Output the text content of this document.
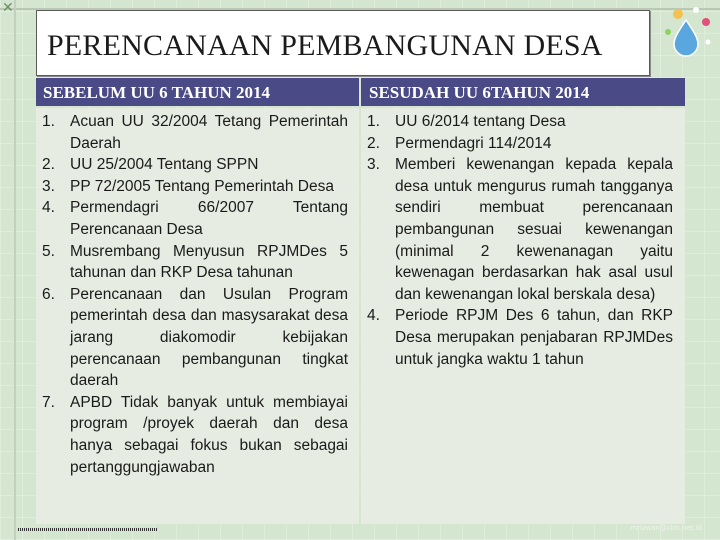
✕
PERENCANAAN PEMBANGUNAN DESA
SEBELUM UU 6 TAHUN 2014	SESUDAH UU 6TAHUN 2014
1. Acuan UU 32/2004 Tetang Pemerintah Daerah
2. UU 25/2004 Tentang SPPN
3. PP 72/2005 Tentang Pemerintah Desa
4. Permendagri 66/2007 Tentang Perencanaan Desa
5. Musrembang Menyusun RPJMDes 5 tahunan dan RKP Desa tahunan
6. Perencanaan dan Usulan Program pemerintah desa dan masysarakat desa jarang diakomodir kebijakan perencanaan pembangunan tingkat daerah
7. APBD Tidak banyak untuk membiayai program /proyek daerah dan desa hanya sebagai fokus bukan sebagai pertanggungjawaban
1. UU 6/2014 tentang Desa
2. Permendagri 114/2014
3. Memberi kewenangan kepada kepala desa untuk mengurus rumah tangganya sendiri membuat perencanaan pembangunan sesuai kewenangan (minimal 2 kewenanagan yaitu kewenagan berdasarkan hak asal usul dan kewenangan lokal berskala desa)
4. Periode RPJM Des 6 tahun, dan RKP Desa merupakan penjabaran RPJMDes untuk jangka waktu 1 tahun
mrizwan@cbn.net.id
